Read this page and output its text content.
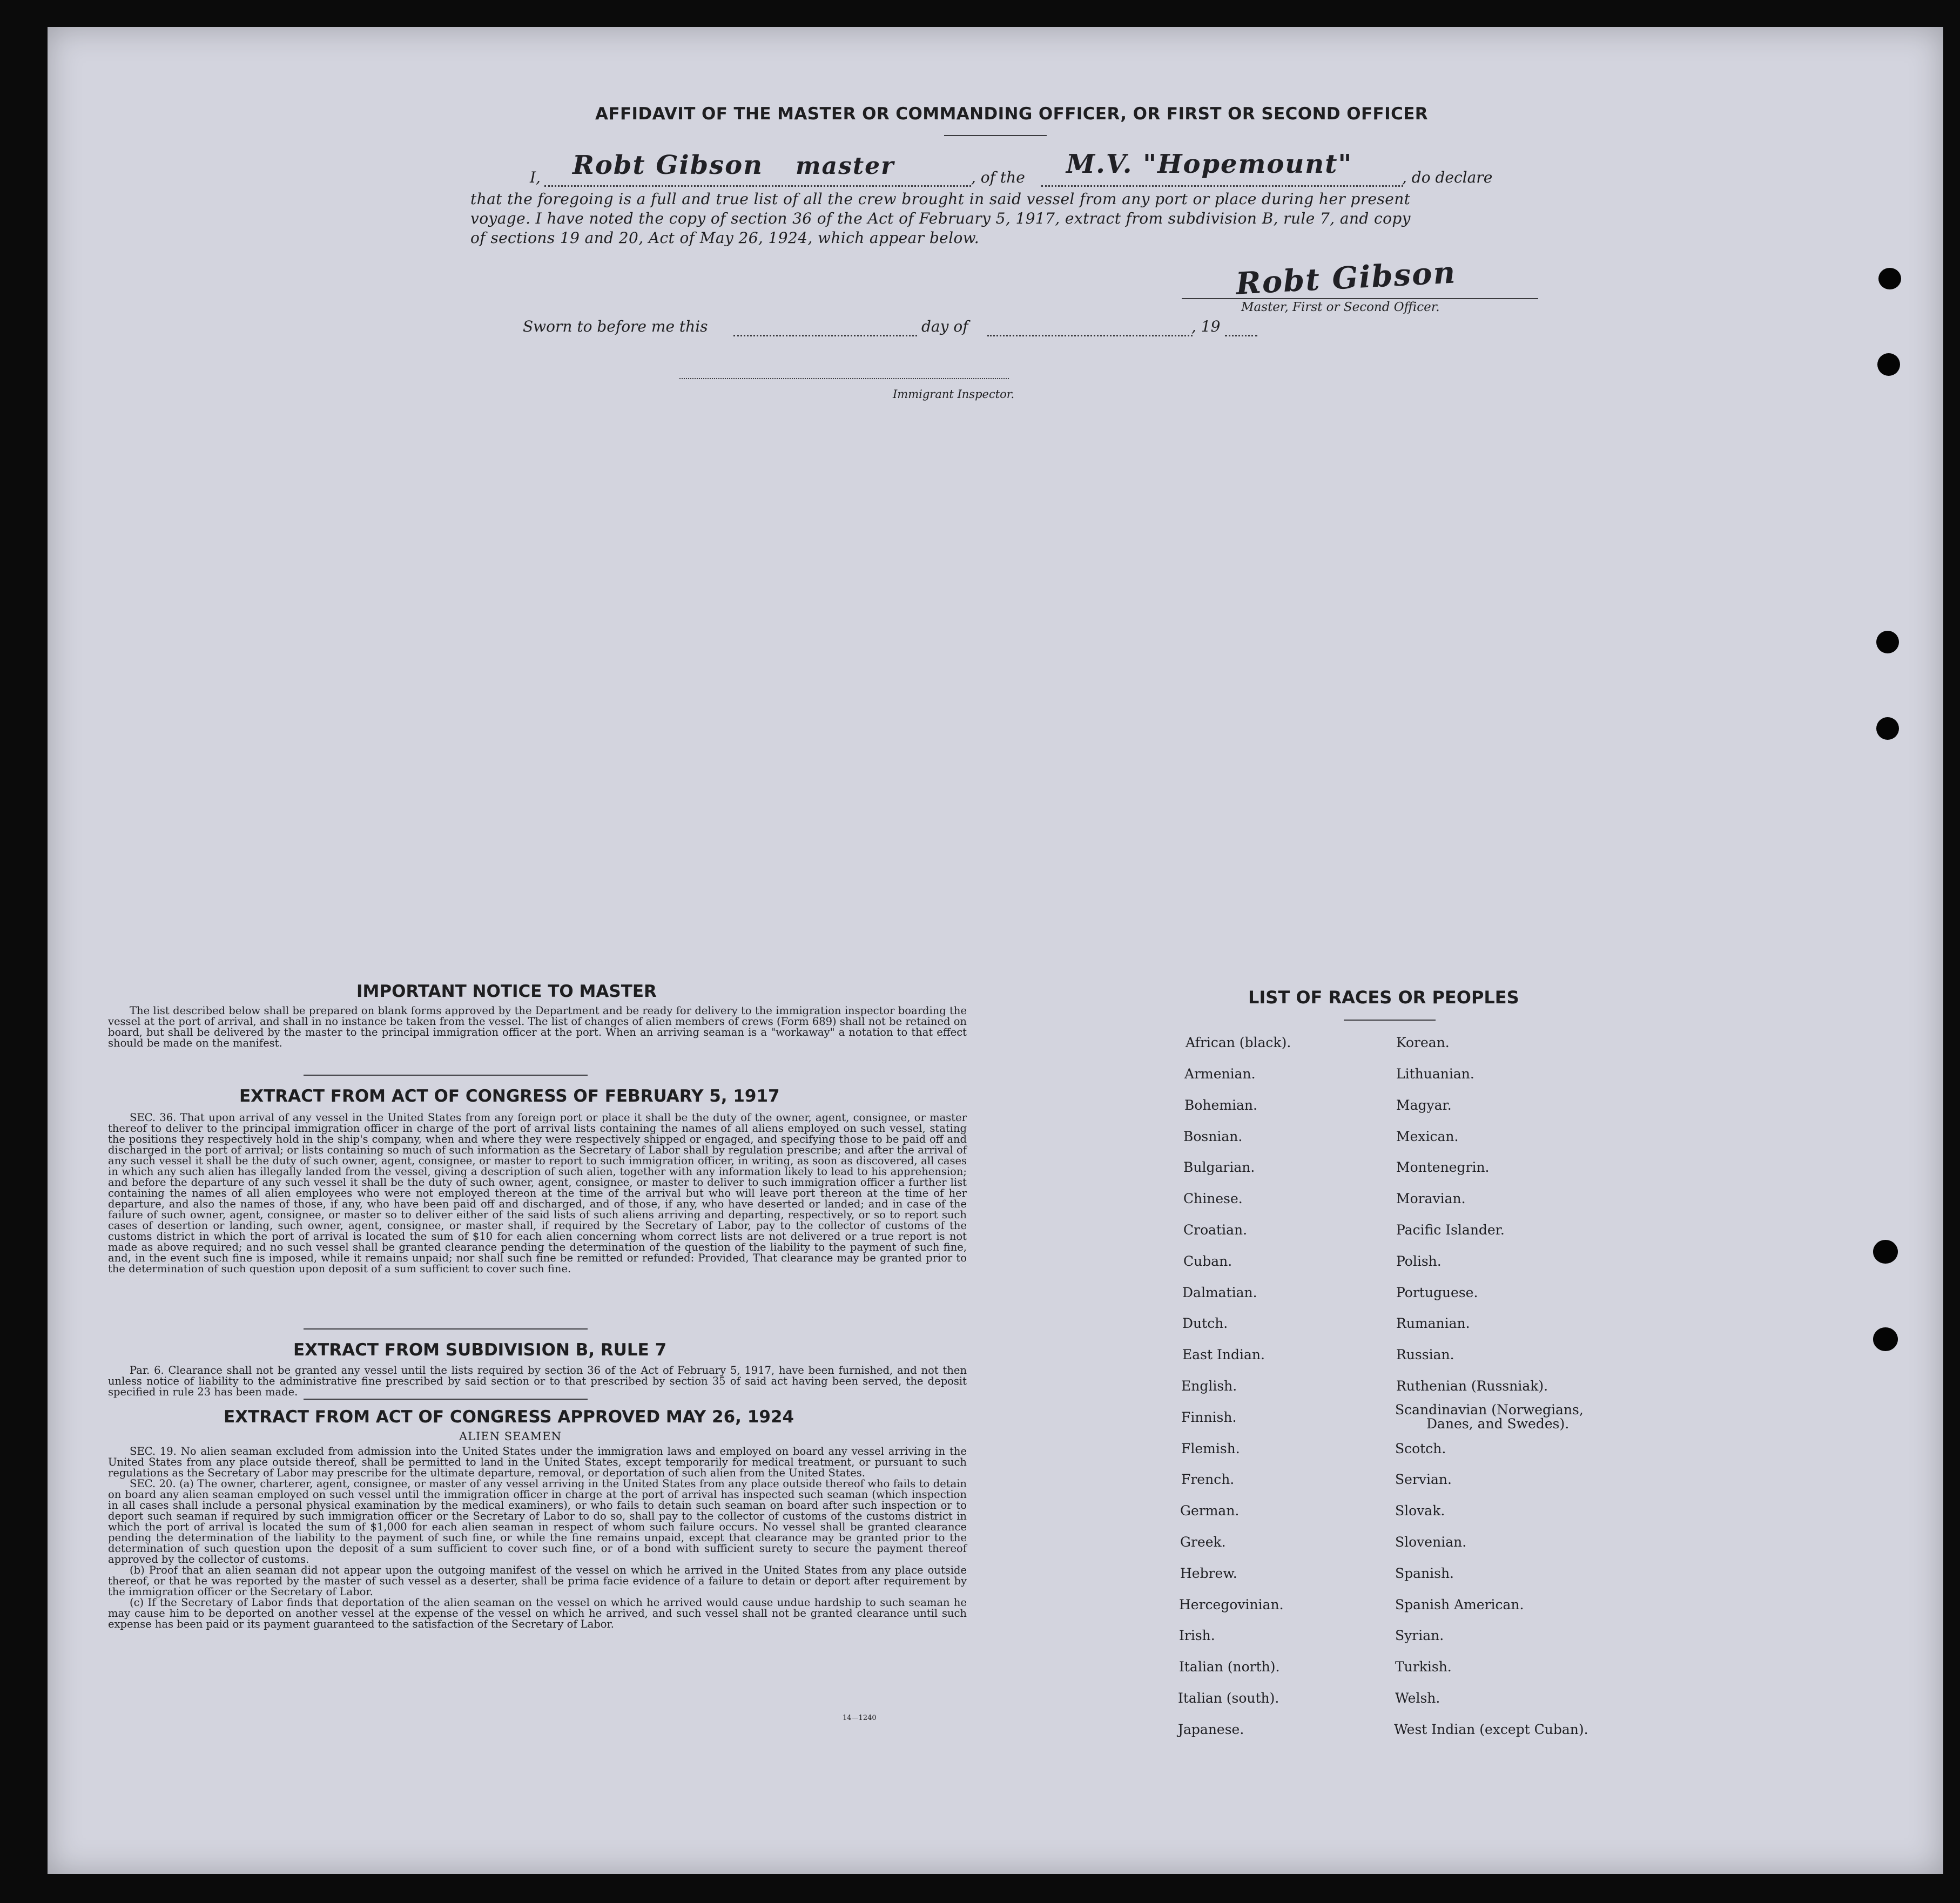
AFFIDAVIT OF THE MASTER OR COMMANDING OFFICER, OR FIRST OR SECOND OFFICER
I, Robt Gibson master	, of the M.V. "Hopemount"	, do declare
that the foregoing is a full and true list of all the crew brought in said vessel from any port or place during her present
voyage. I have noted the copy of section 36 of the Act of February 5, 1917, extract from subdivision B, rule 7, and copy
of sections 19 and 20, Act of May 26, 1924, which appear below.
Robt Gibson
Master, First or Second Officer.
Sworn to before me this	day of	, 19
Immigrant Inspector.
IMPORTANT NOTICE TO MASTER

The list described below shall be prepared on blank forms approved by the Department and be ready for delivery to the immigration inspector boarding the vessel at the port of arrival, and shall in no instance be taken from the vessel. The list of changes of alien members of crews (Form 689) shall not be retained on board, but shall be delivered by the master to the principal immigration officer at the port. When an arriving seaman is a "workaway" a notation to that effect should be made on the manifest.

EXTRACT FROM ACT OF CONGRESS OF FEBRUARY 5, 1917

SEC. 36. That upon arrival of any vessel in the United States from any foreign port or place it shall be the duty of the owner, agent, consignee, or master thereof to deliver to the principal immigration officer in charge of the port of arrival lists containing the names of all aliens employed on such vessel, stating the positions they respectively hold in the ship's company, when and where they were respectively shipped or engaged, and specifying those to be paid off and discharged in the port of arrival; or lists containing so much of such information as the Secretary of Labor shall by regulation prescribe; and after the arrival of any such vessel it shall be the duty of such owner, agent, consignee, or master to report to such immigration officer, in writing, as soon as discovered, all cases in which any such alien has illegally landed from the vessel, giving a description of such alien, together with any information likely to lead to his apprehension; and before the departure of any such vessel it shall be the duty of such owner, agent, consignee, or master to deliver to such immigration officer a further list containing the names of all alien employees who were not employed thereon at the time of the arrival but who will leave port thereon at the time of her departure, and also the names of those, if any, who have been paid off and discharged, and of those, if any, who have deserted or landed; and in case of the failure of such owner, agent, consignee, or master so to deliver either of the said lists of such aliens arriving and departing, respectively, or so to report such cases of desertion or landing, such owner, agent, consignee, or master shall, if required by the Secretary of Labor, pay to the collector of customs of the customs district in which the port of arrival is located the sum of $10 for each alien concerning whom correct lists are not delivered or a true report is not made as above required; and no such vessel shall be granted clearance pending the determination of the question of the liability to the payment of such fine, and, in the event such fine is imposed, while it remains unpaid; nor shall such fine be remitted or refunded: Provided, That clearance may be granted prior to the determination of such question upon deposit of a sum sufficient to cover such fine.

EXTRACT FROM SUBDIVISION B, RULE 7

Par. 6. Clearance shall not be granted any vessel until the lists required by section 36 of the Act of February 5, 1917, have been furnished, and not then unless notice of liability to the administrative fine prescribed by said section or to that prescribed by section 35 of said act having been served, the deposit specified in rule 23 has been made.

EXTRACT FROM ACT OF CONGRESS APPROVED MAY 26, 1924
ALIEN SEAMEN

SEC. 19. No alien seaman excluded from admission into the United States under the immigration laws and employed on board any vessel arriving in the United States from any place outside thereof, shall be permitted to land in the United States, except temporarily for medical treatment, or pursuant to such regulations as the Secretary of Labor may prescribe for the ultimate departure, removal, or deportation of such alien from the United States.

SEC. 20. (a) The owner, charterer, agent, consignee, or master of any vessel arriving in the United States from any place outside thereof who fails to detain on board any alien seaman employed on such vessel until the immigration officer in charge at the port of arrival has inspected such seaman (which inspection in all cases shall include a personal physical examination by the medical examiners), or who fails to detain such seaman on board after such inspection or to deport such seaman if required by such immigration officer or the Secretary of Labor to do so, shall pay to the collector of customs of the customs district in which the port of arrival is located the sum of $1,000 for each alien seaman in respect of whom such failure occurs. No vessel shall be granted clearance pending the determination of the liability to the payment of such fine, or while the fine remains unpaid, except that clearance may be granted prior to the determination of such question upon the deposit of a sum sufficient to cover such fine, or of a bond with sufficient surety to secure the payment thereof approved by the collector of customs.

(b) Proof that an alien seaman did not appear upon the outgoing manifest of the vessel on which he arrived in the United States from any place outside thereof, or that he was reported by the master of such vessel as a deserter, shall be prima facie evidence of a failure to detain or deport after requirement by the immigration officer or the Secretary of Labor.

(c) If the Secretary of Labor finds that deportation of the alien seaman on the vessel on which he arrived would cause undue hardship to such seaman he may cause him to be deported on another vessel at the expense of the vessel on which he arrived, and such vessel shall not be granted clearance until such expense has been paid or its payment guaranteed to the satisfaction of the Secretary of Labor.

14—1240
LIST OF RACES OR PEOPLES
African (black).
Armenian.
Bohemian.
Bosnian.
Bulgarian.
Chinese.
Croatian.
Cuban.
Dalmatian.
Dutch.
East Indian.
English.
Finnish.
Flemish.
French.
German.
Greek.
Hebrew.
Hercegovinian.
Irish.
Italian (north).
Italian (south).
Japanese.
Korean.
Lithuanian.
Magyar.
Mexican.
Montenegrin.
Moravian.
Pacific Islander.
Polish.
Portuguese.
Rumanian.
Russian.
Ruthenian (Russniak).
Scandinavian (Norwegians,
Danes, and Swedes).
Scotch.
Servian.
Slovak.
Slovenian.
Spanish.
Spanish American.
Syrian.
Turkish.
Welsh.
West Indian (except Cuban).
